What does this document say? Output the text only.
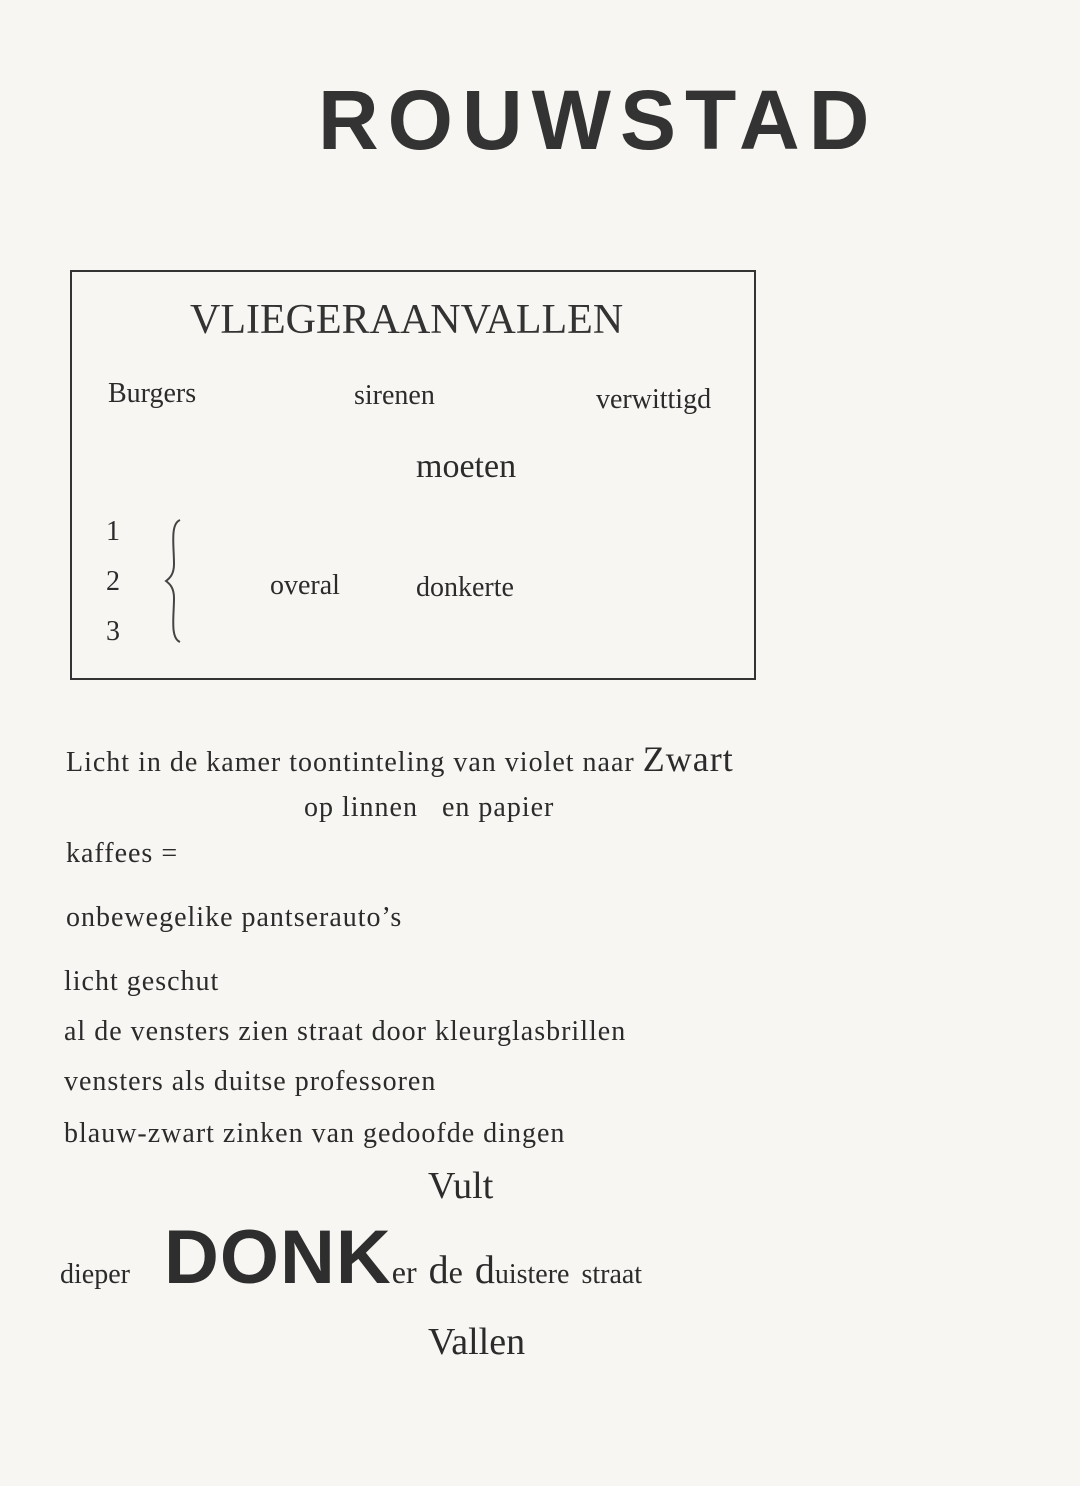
ROUWSTAD
VLIEGERAANVALLEN
Burgers	sirenen	verwittigd
moeten
1
2
3
overal	donkerte
Licht in de kamer toontinteling van violet naar Zwart
op linnen   en papier
kaffees =
onbewegelike pantserauto’s
licht geschut
al de vensters zien straat door kleurglasbrillen
vensters als duitse professoren
blauw-zwart zinken van gedoofde dingen
Vult
dieper DONKer de duistere straat
Vallen
